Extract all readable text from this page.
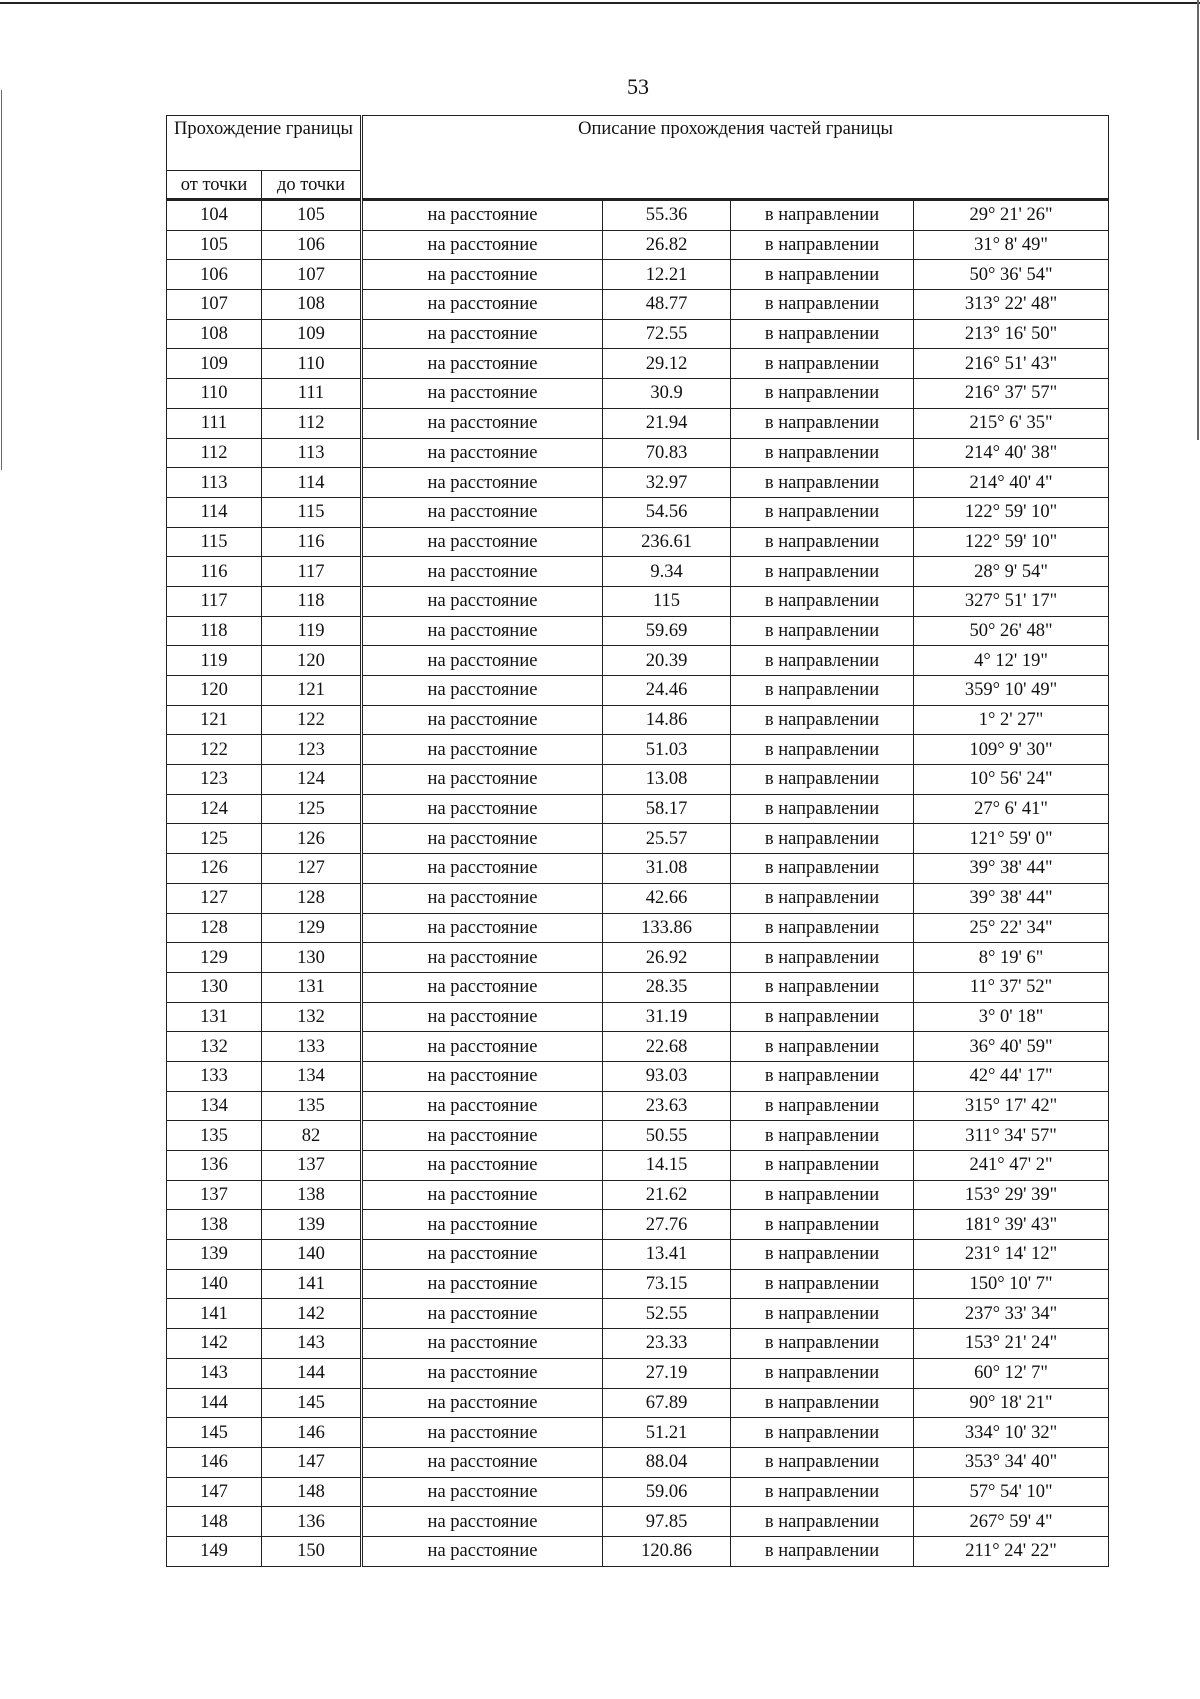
53
Прохождение границы		Описание прохождения частей границы			
от точки	до точки				
104	105	на расстояние	55.36	в направлении	29° 21' 26"
105	106	на расстояние	26.82	в направлении	31° 8' 49"
106	107	на расстояние	12.21	в направлении	50° 36' 54"
107	108	на расстояние	48.77	в направлении	313° 22' 48"
108	109	на расстояние	72.55	в направлении	213° 16' 50"
109	110	на расстояние	29.12	в направлении	216° 51' 43"
110	111	на расстояние	30.9	в направлении	216° 37' 57"
111	112	на расстояние	21.94	в направлении	215° 6' 35"
112	113	на расстояние	70.83	в направлении	214° 40' 38"
113	114	на расстояние	32.97	в направлении	214° 40' 4"
114	115	на расстояние	54.56	в направлении	122° 59' 10"
115	116	на расстояние	236.61	в направлении	122° 59' 10"
116	117	на расстояние	9.34	в направлении	28° 9' 54"
117	118	на расстояние	115	в направлении	327° 51' 17"
118	119	на расстояние	59.69	в направлении	50° 26' 48"
119	120	на расстояние	20.39	в направлении	4° 12' 19"
120	121	на расстояние	24.46	в направлении	359° 10' 49"
121	122	на расстояние	14.86	в направлении	1° 2' 27"
122	123	на расстояние	51.03	в направлении	109° 9' 30"
123	124	на расстояние	13.08	в направлении	10° 56' 24"
124	125	на расстояние	58.17	в направлении	27° 6' 41"
125	126	на расстояние	25.57	в направлении	121° 59' 0"
126	127	на расстояние	31.08	в направлении	39° 38' 44"
127	128	на расстояние	42.66	в направлении	39° 38' 44"
128	129	на расстояние	133.86	в направлении	25° 22' 34"
129	130	на расстояние	26.92	в направлении	8° 19' 6"
130	131	на расстояние	28.35	в направлении	11° 37' 52"
131	132	на расстояние	31.19	в направлении	3° 0' 18"
132	133	на расстояние	22.68	в направлении	36° 40' 59"
133	134	на расстояние	93.03	в направлении	42° 44' 17"
134	135	на расстояние	23.63	в направлении	315° 17' 42"
135	82	на расстояние	50.55	в направлении	311° 34' 57"
136	137	на расстояние	14.15	в направлении	241° 47' 2"
137	138	на расстояние	21.62	в направлении	153° 29' 39"
138	139	на расстояние	27.76	в направлении	181° 39' 43"
139	140	на расстояние	13.41	в направлении	231° 14' 12"
140	141	на расстояние	73.15	в направлении	150° 10' 7"
141	142	на расстояние	52.55	в направлении	237° 33' 34"
142	143	на расстояние	23.33	в направлении	153° 21' 24"
143	144	на расстояние	27.19	в направлении	60° 12' 7"
144	145	на расстояние	67.89	в направлении	90° 18' 21"
145	146	на расстояние	51.21	в направлении	334° 10' 32"
146	147	на расстояние	88.04	в направлении	353° 34' 40"
147	148	на расстояние	59.06	в направлении	57° 54' 10"
148	136	на расстояние	97.85	в направлении	267° 59' 4"
149	150	на расстояние	120.86	в направлении	211° 24' 22"
